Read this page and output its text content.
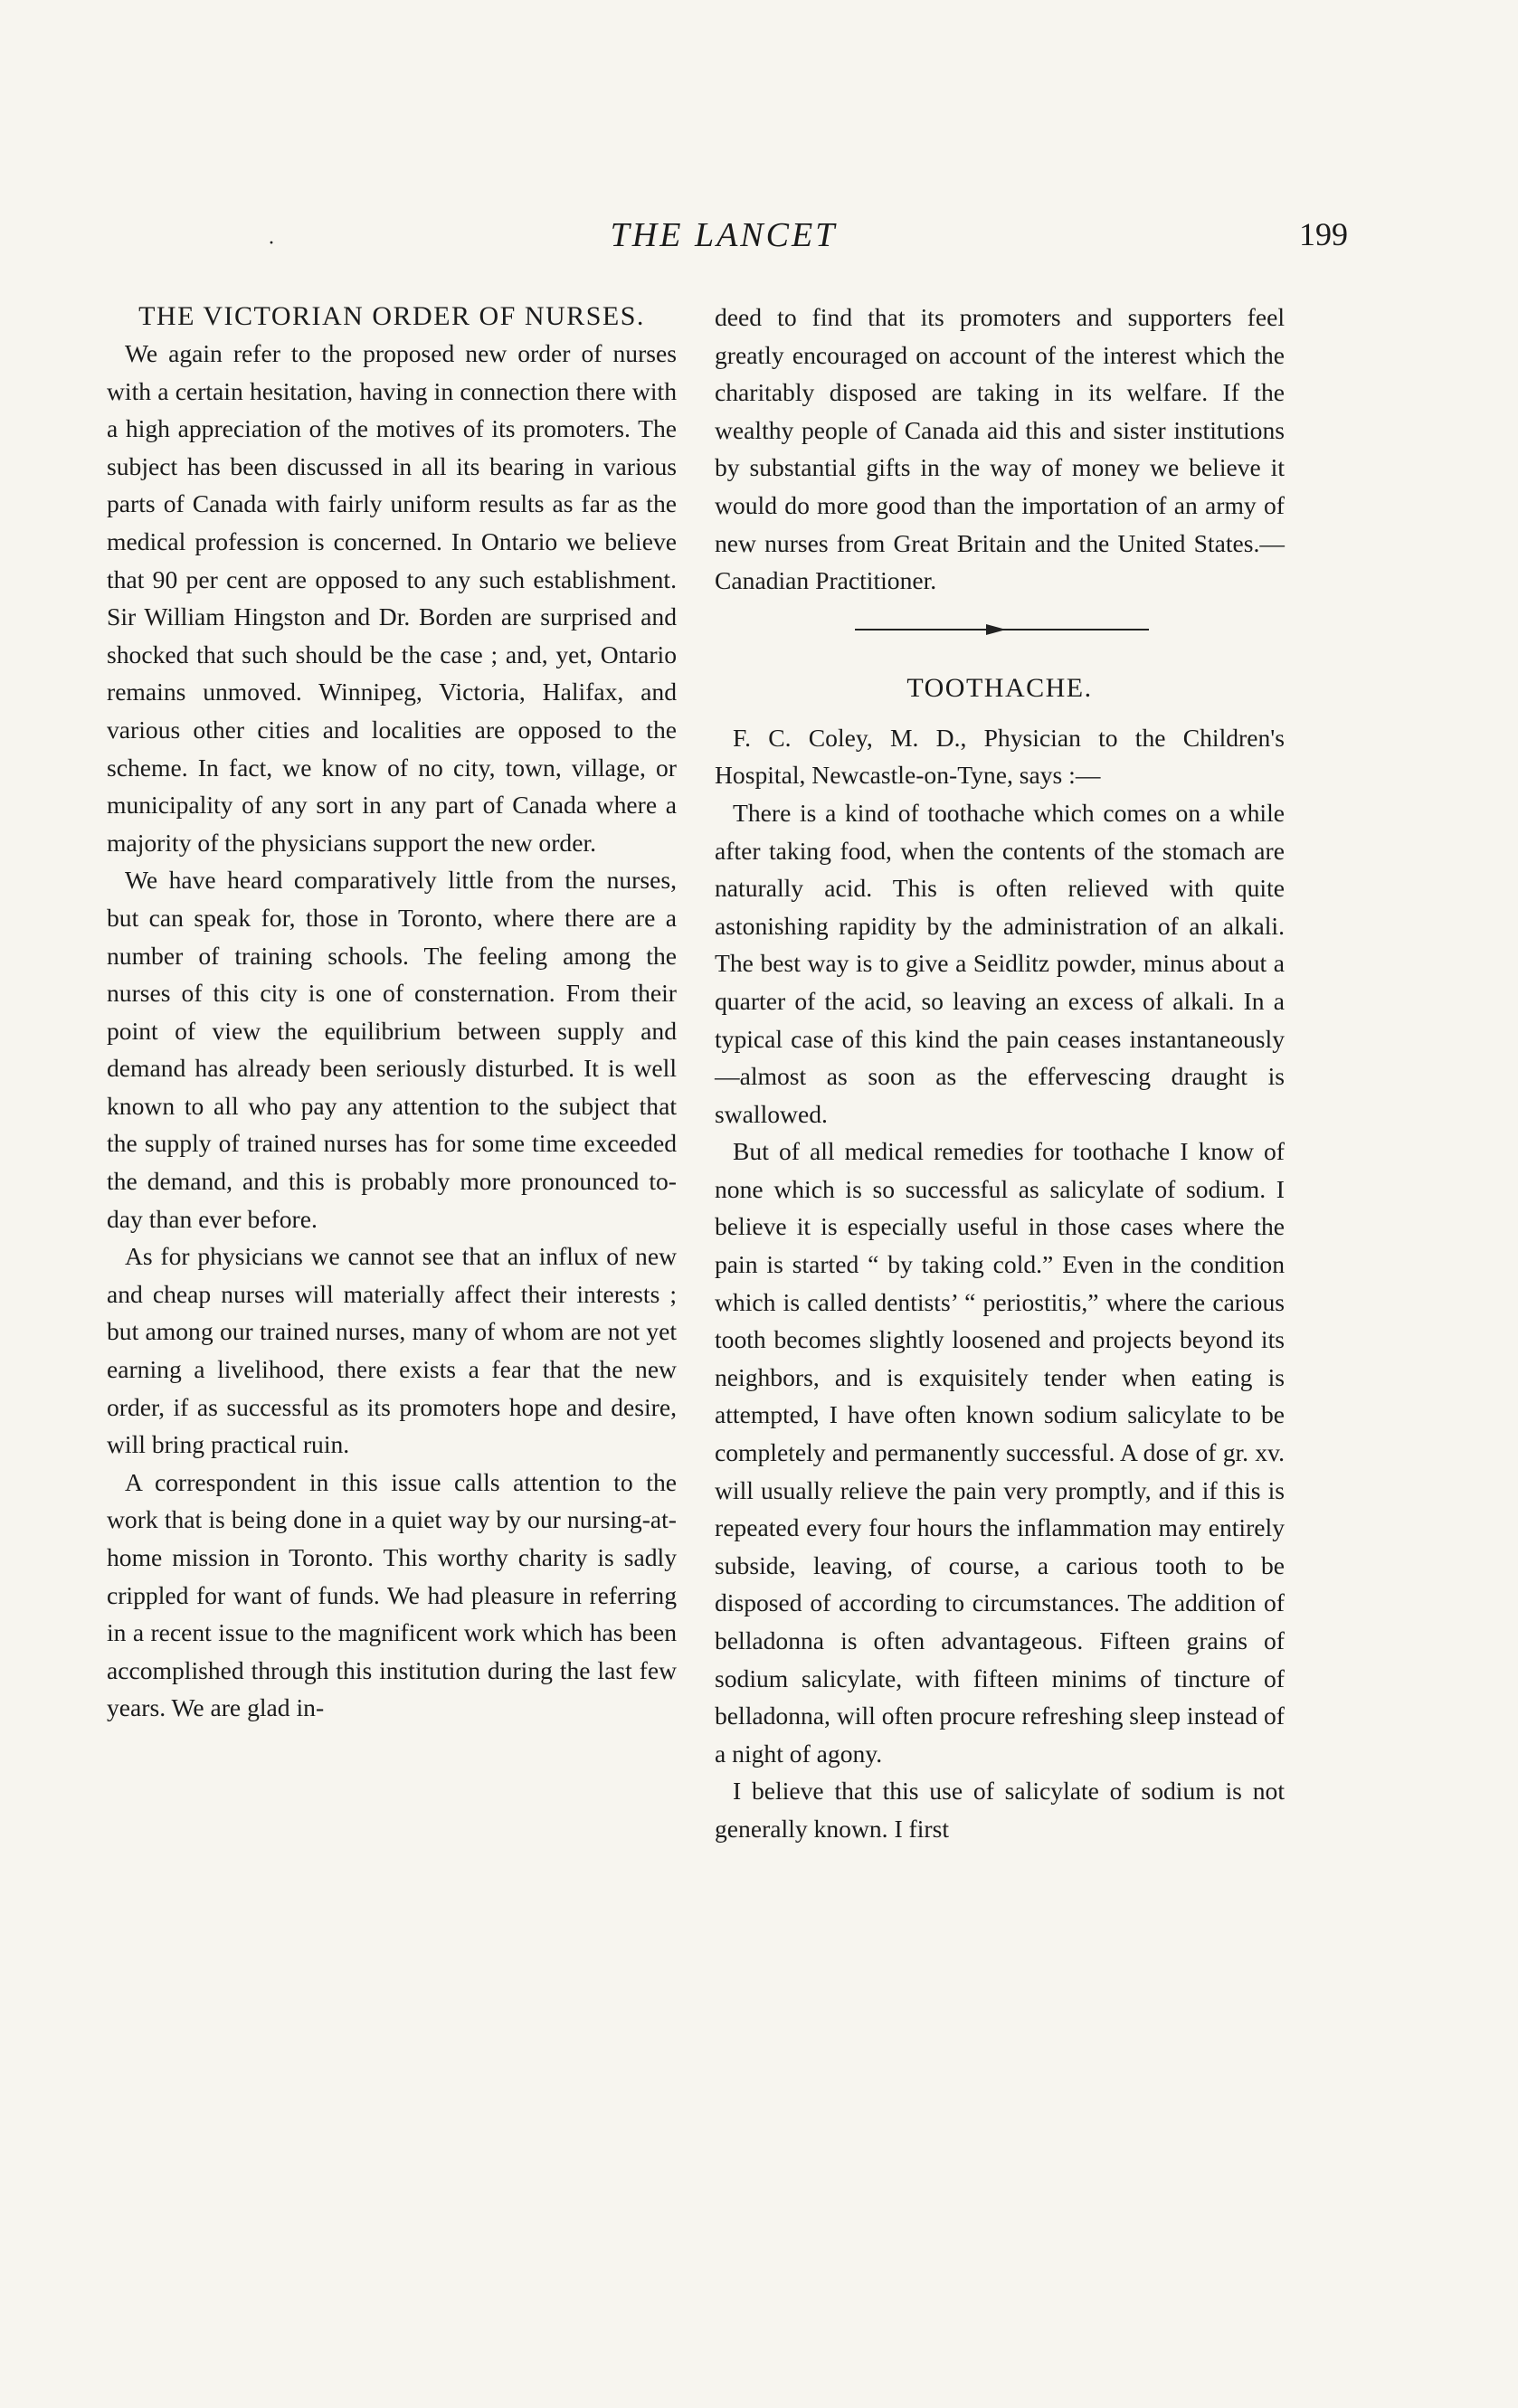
·	THE LANCET	199
THE VICTORIAN ORDER OF NURSES.

We again refer to the proposed new order of nurses with a certain hesitation, having in connection there with a high appreciation of the motives of its promoters. The subject has been discussed in all its bearing in various parts of Canada with fairly uniform results as far as the medical profession is concerned. In Ontario we believe that 90 per cent are opposed to any such establishment. Sir William Hingston and Dr. Borden are surprised and shocked that such should be the case ; and, yet, Ontario remains unmoved. Winnipeg, Victoria, Halifax, and various other cities and localities are opposed to the scheme. In fact, we know of no city, town, village, or municipality of any sort in any part of Canada where a majority of the physicians support the new order.

We have heard comparatively little from the nurses, but can speak for, those in Toronto, where there are a number of training schools. The feeling among the nurses of this city is one of consternation. From their point of view the equilibrium between supply and demand has already been seriously disturbed. It is well known to all who pay any attention to the subject that the supply of trained nurses has for some time exceeded the demand, and this is probably more pronounced to-day than ever before.

As for physicians we cannot see that an influx of new and cheap nurses will materially affect their interests ; but among our trained nurses, many of whom are not yet earning a livelihood, there exists a fear that the new order, if as successful as its promoters hope and desire, will bring practical ruin.

A correspondent in this issue calls attention to the work that is being done in a quiet way by our nursing-at-home mission in Toronto. This worthy charity is sadly crippled for want of funds. We had pleasure in referring in a recent issue to the magnificent work which has been accomplished through this institution during the last few years. We are glad in-

deed to find that its promoters and supporters feel greatly encouraged on account of the interest which the charitably disposed are taking in its welfare. If the wealthy people of Canada aid this and sister institutions by substantial gifts in the way of money we believe it would do more good than the importation of an army of new nurses from Great Britain and the United States.—Canadian Practitioner.

TOOTHACHE.

F. C. Coley, M. D., Physician to the Children's Hospital, Newcastle-on-Tyne, says :—

There is a kind of toothache which comes on a while after taking food, when the contents of the stomach are naturally acid. This is often relieved with quite astonishing rapidity by the administration of an alkali. The best way is to give a Seidlitz powder, minus about a quarter of the acid, so leaving an excess of alkali. In a typical case of this kind the pain ceases instantaneously—almost as soon as the effervescing draught is swallowed.

But of all medical remedies for toothache I know of none which is so successful as salicylate of sodium. I believe it is especially useful in those cases where the pain is started “ by taking cold.” Even in the condition which is called dentists’ “ periostitis,” where the carious tooth becomes slightly loosened and projects beyond its neighbors, and is exquisitely tender when eating is attempted, I have often known sodium salicylate to be completely and permanently successful. A dose of gr. xv. will usually relieve the pain very promptly, and if this is repeated every four hours the inflammation may entirely subside, leaving, of course, a carious tooth to be disposed of according to circumstances. The addition of belladonna is often advantageous. Fifteen grains of sodium salicylate, with fifteen minims of tincture of belladonna, will often procure refreshing sleep instead of a night of agony.

I believe that this use of salicylate of sodium is not generally known. I first
